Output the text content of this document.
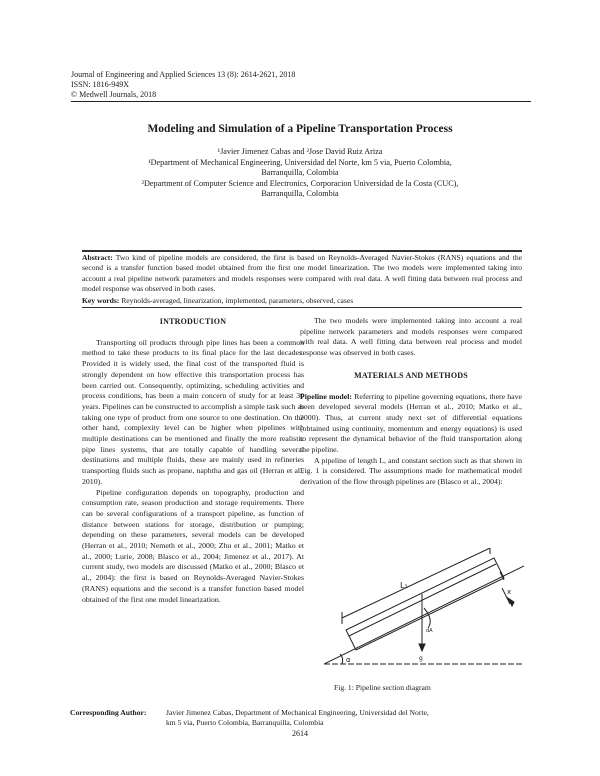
Journal of Engineering and Applied Sciences 13 (8): 2614-2621, 2018
ISSN: 1816-949X
© Medwell Journals, 2018
Modeling and Simulation of a Pipeline Transportation Process
¹Javier Jimenez Cabas and ²Jose David Ruiz Ariza
¹Department of Mechanical Engineering, Universidad del Norte, km 5 via, Puerto Colombia,
Barranquilla, Colombia
²Department of Computer Science and Electronics, Corporacion Universidad de la Costa (CUC),
Barranquilla, Colombia
Abstract: Two kind of pipeline models are considered, the first is based on Reynolds-Averaged Navier-Stokes (RANS) equations and the second is a transfer function based model obtained from the first one model linearization. The two models were implemented taking into account a real pipeline network parameters and models responses were compared with real data. A well fitting data between real process and model response was observed in both cases.
Key words: Reynolds-averaged, linearization, implemented, parameters, observed, cases
INTRODUCTION

Transporting oil products through pipe lines has been a common method to take these products to its final place for the last decades. Provided it is widely used, the final cost of the transported fluid is strongly dependent on how effective this transportation process has been carried out. Consequently, optimizing, scheduling activities and process conditions, has been a main concern of study for at least 30 years. Pipelines can be constructed to accomplish a simple task such as taking one type of product from one source to one destination. On the other hand, complexity level can be higher when pipelines with multiple destinations can be mentioned and finally the more realistic pipe lines systems, that are totally capable of handling several destinations and multiple fluids, these are mainly used in refineries transporting fluids such as propane, naphtha and gas oil (Herran et al., 2010).

Pipeline configuration depends on topography, production and consumption rate, season production and storage requirements. There can be several configurations of a transport pipeline, as function of distance between stations for storage, distribution or pumping; depending on these parameters, several models can be developed (Herran et al., 2010; Nemeth et al., 2000; Zhu et al., 2001; Matko et al., 2000; Lurie, 2008; Blasco et al., 2004; Jimenez et al., 2017). At current study, two models are discussed (Matko et al., 2000; Blasco et al., 2004): the first is based on Reynolds-Averaged Navier-Stokes (RANS) equations and the second is a transfer function based model obtained of the first one model linearization.

The two models were implemented taking into account a real pipeline network parameters and models responses were compared with real data. A well fitting data between real process and model response was observed in both cases.

MATERIALS AND METHODS

Pipeline model: Referring to pipeline governing equations, there have been developed several models (Herran et al., 2010; Matko et al., 2000). Thus, at current study next set of differential equations (obtained using continuity, momentum and energy equations) is used to represent the dynamical behavior of the fluid transportation along the pipeline.

A pipeline of length L, and constant section such as that shown in Fig. 1 is considered. The assumptions made for mathematical model derivation of the flow through pipelines are (Blasco et al., 2004):

L₁
x
α	g
dA
Fig. 1: Pipeline section diagram
Corresponding Author:	Javier Jimenez Cabas, Department of Mechanical Engineering, Universidad del Norte,
km 5 via, Puerto Colombia, Barranquilla, Colombia
2614
